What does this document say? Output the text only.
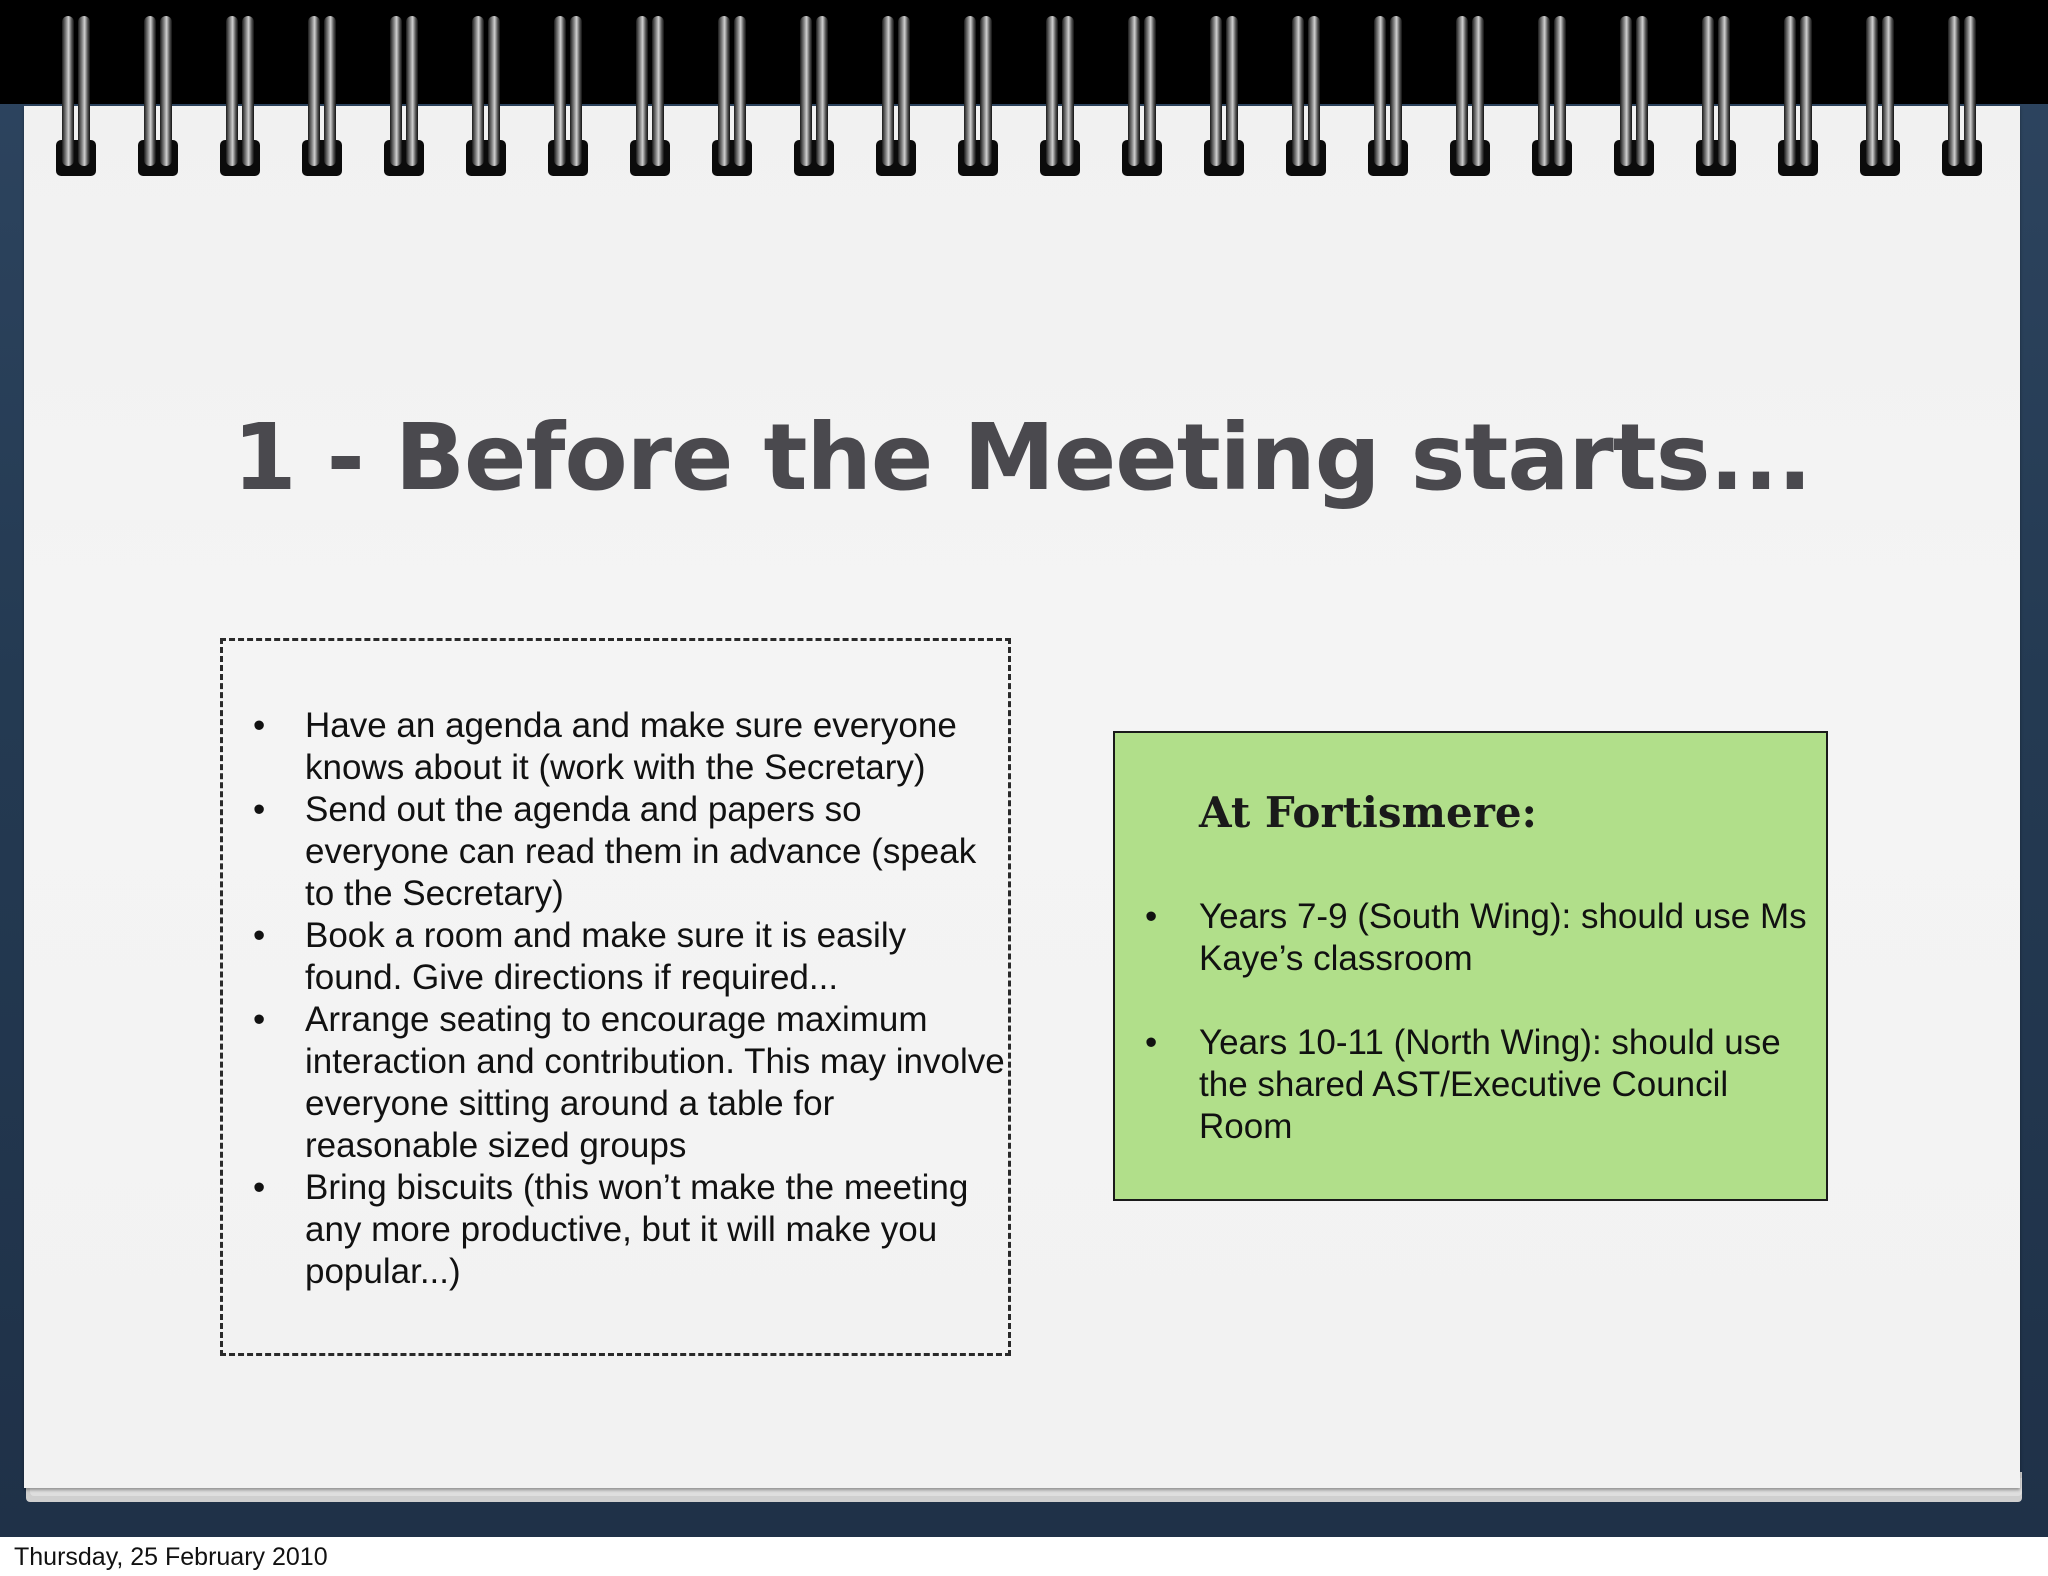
1 - Before the Meeting starts...
• Have an agenda and make sure everyone knows about it (work with the Secretary)
• Send out the agenda and papers so everyone can read them in advance (speak to the Secretary)
• Book a room and make sure it is easily found. Give directions if required...
• Arrange seating to encourage maximum interaction and contribution. This may involve everyone sitting around a table for reasonable sized groups
• Bring biscuits (this won’t make the meeting any more productive, but it will make you popular...)
At Fortismere:
• Years 7-9 (South Wing): should use Ms Kaye’s classroom
• Years 10-11 (North Wing): should use the shared AST/Executive Council Room
Thursday, 25 February 2010
